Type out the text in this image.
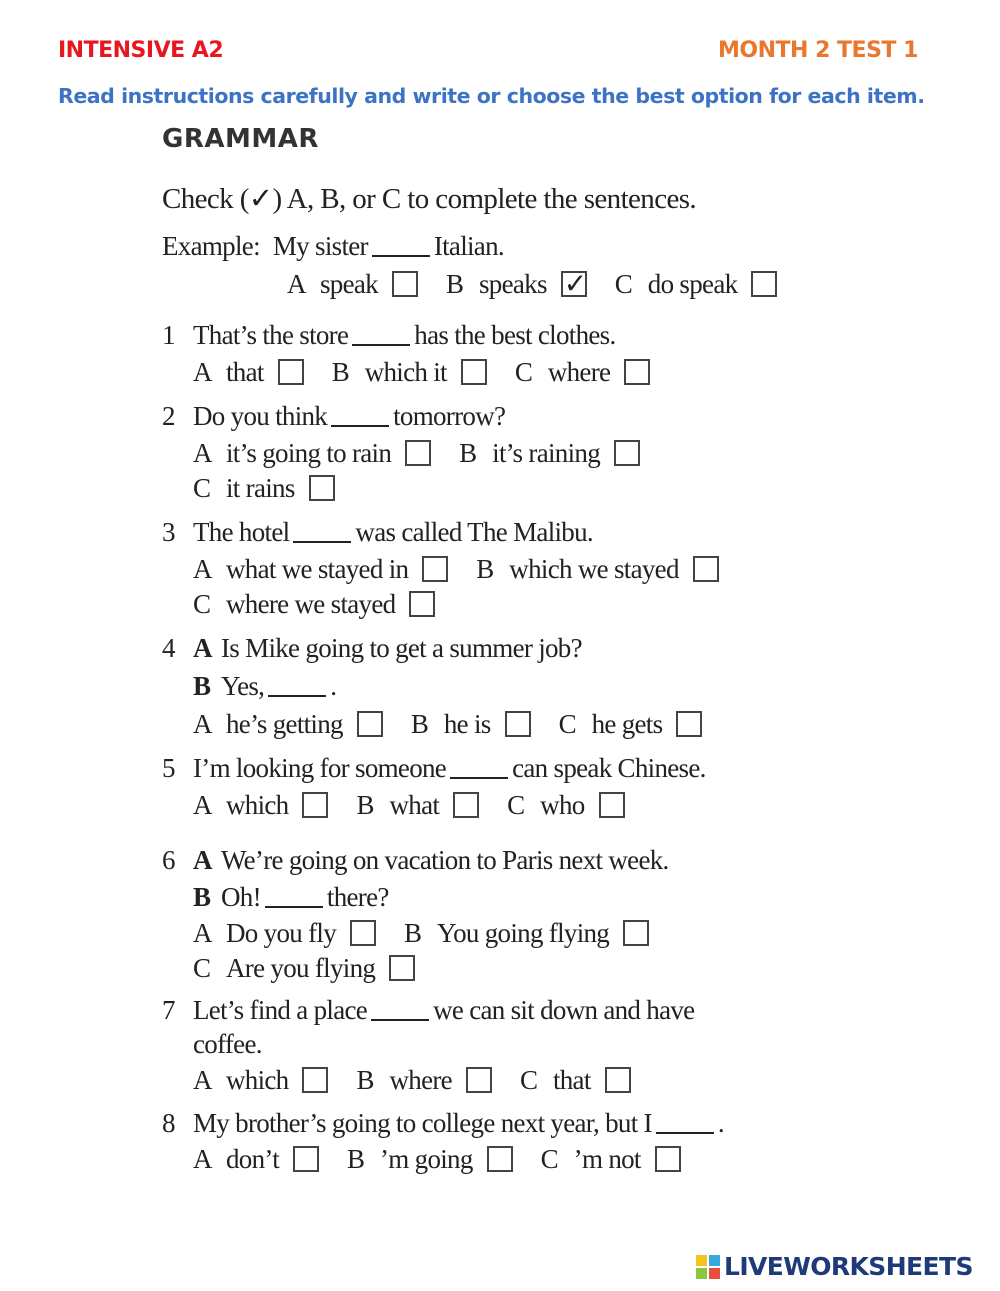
INTENSIVE A2	MONTH 2 TEST 1
Read instructions carefully and write or choose the best option for each item.
GRAMMAR
Check (✓) A, B, or C to complete the sentences.
Example: My sister Italian.
A speak	B speaks ✓ C do speak
1 That’s the store has the best clothes.
A that	B which it	C where
2 Do you think tomorrow?
A it’s going to rain	B it’s raining
C it rains
3 The hotel was called The Malibu.
A what we stayed in	B which we stayed
C where we stayed
4 A Is Mike going to get a summer job?
B Yes, .
A he’s getting	B he is	C he gets
5 I’m looking for someone can speak Chinese.
A which	B what	C who
6 A We’re going on vacation to Paris next week.
B Oh! there?
A Do you fly	B You going flying
C Are you flying
7 Let’s find a place we can sit down and have
coffee.
A which	B where	C that
8 My brother’s going to college next year, but I .
A don’t	B ’m going	C ’m not
LIVEWORKSHEETS
